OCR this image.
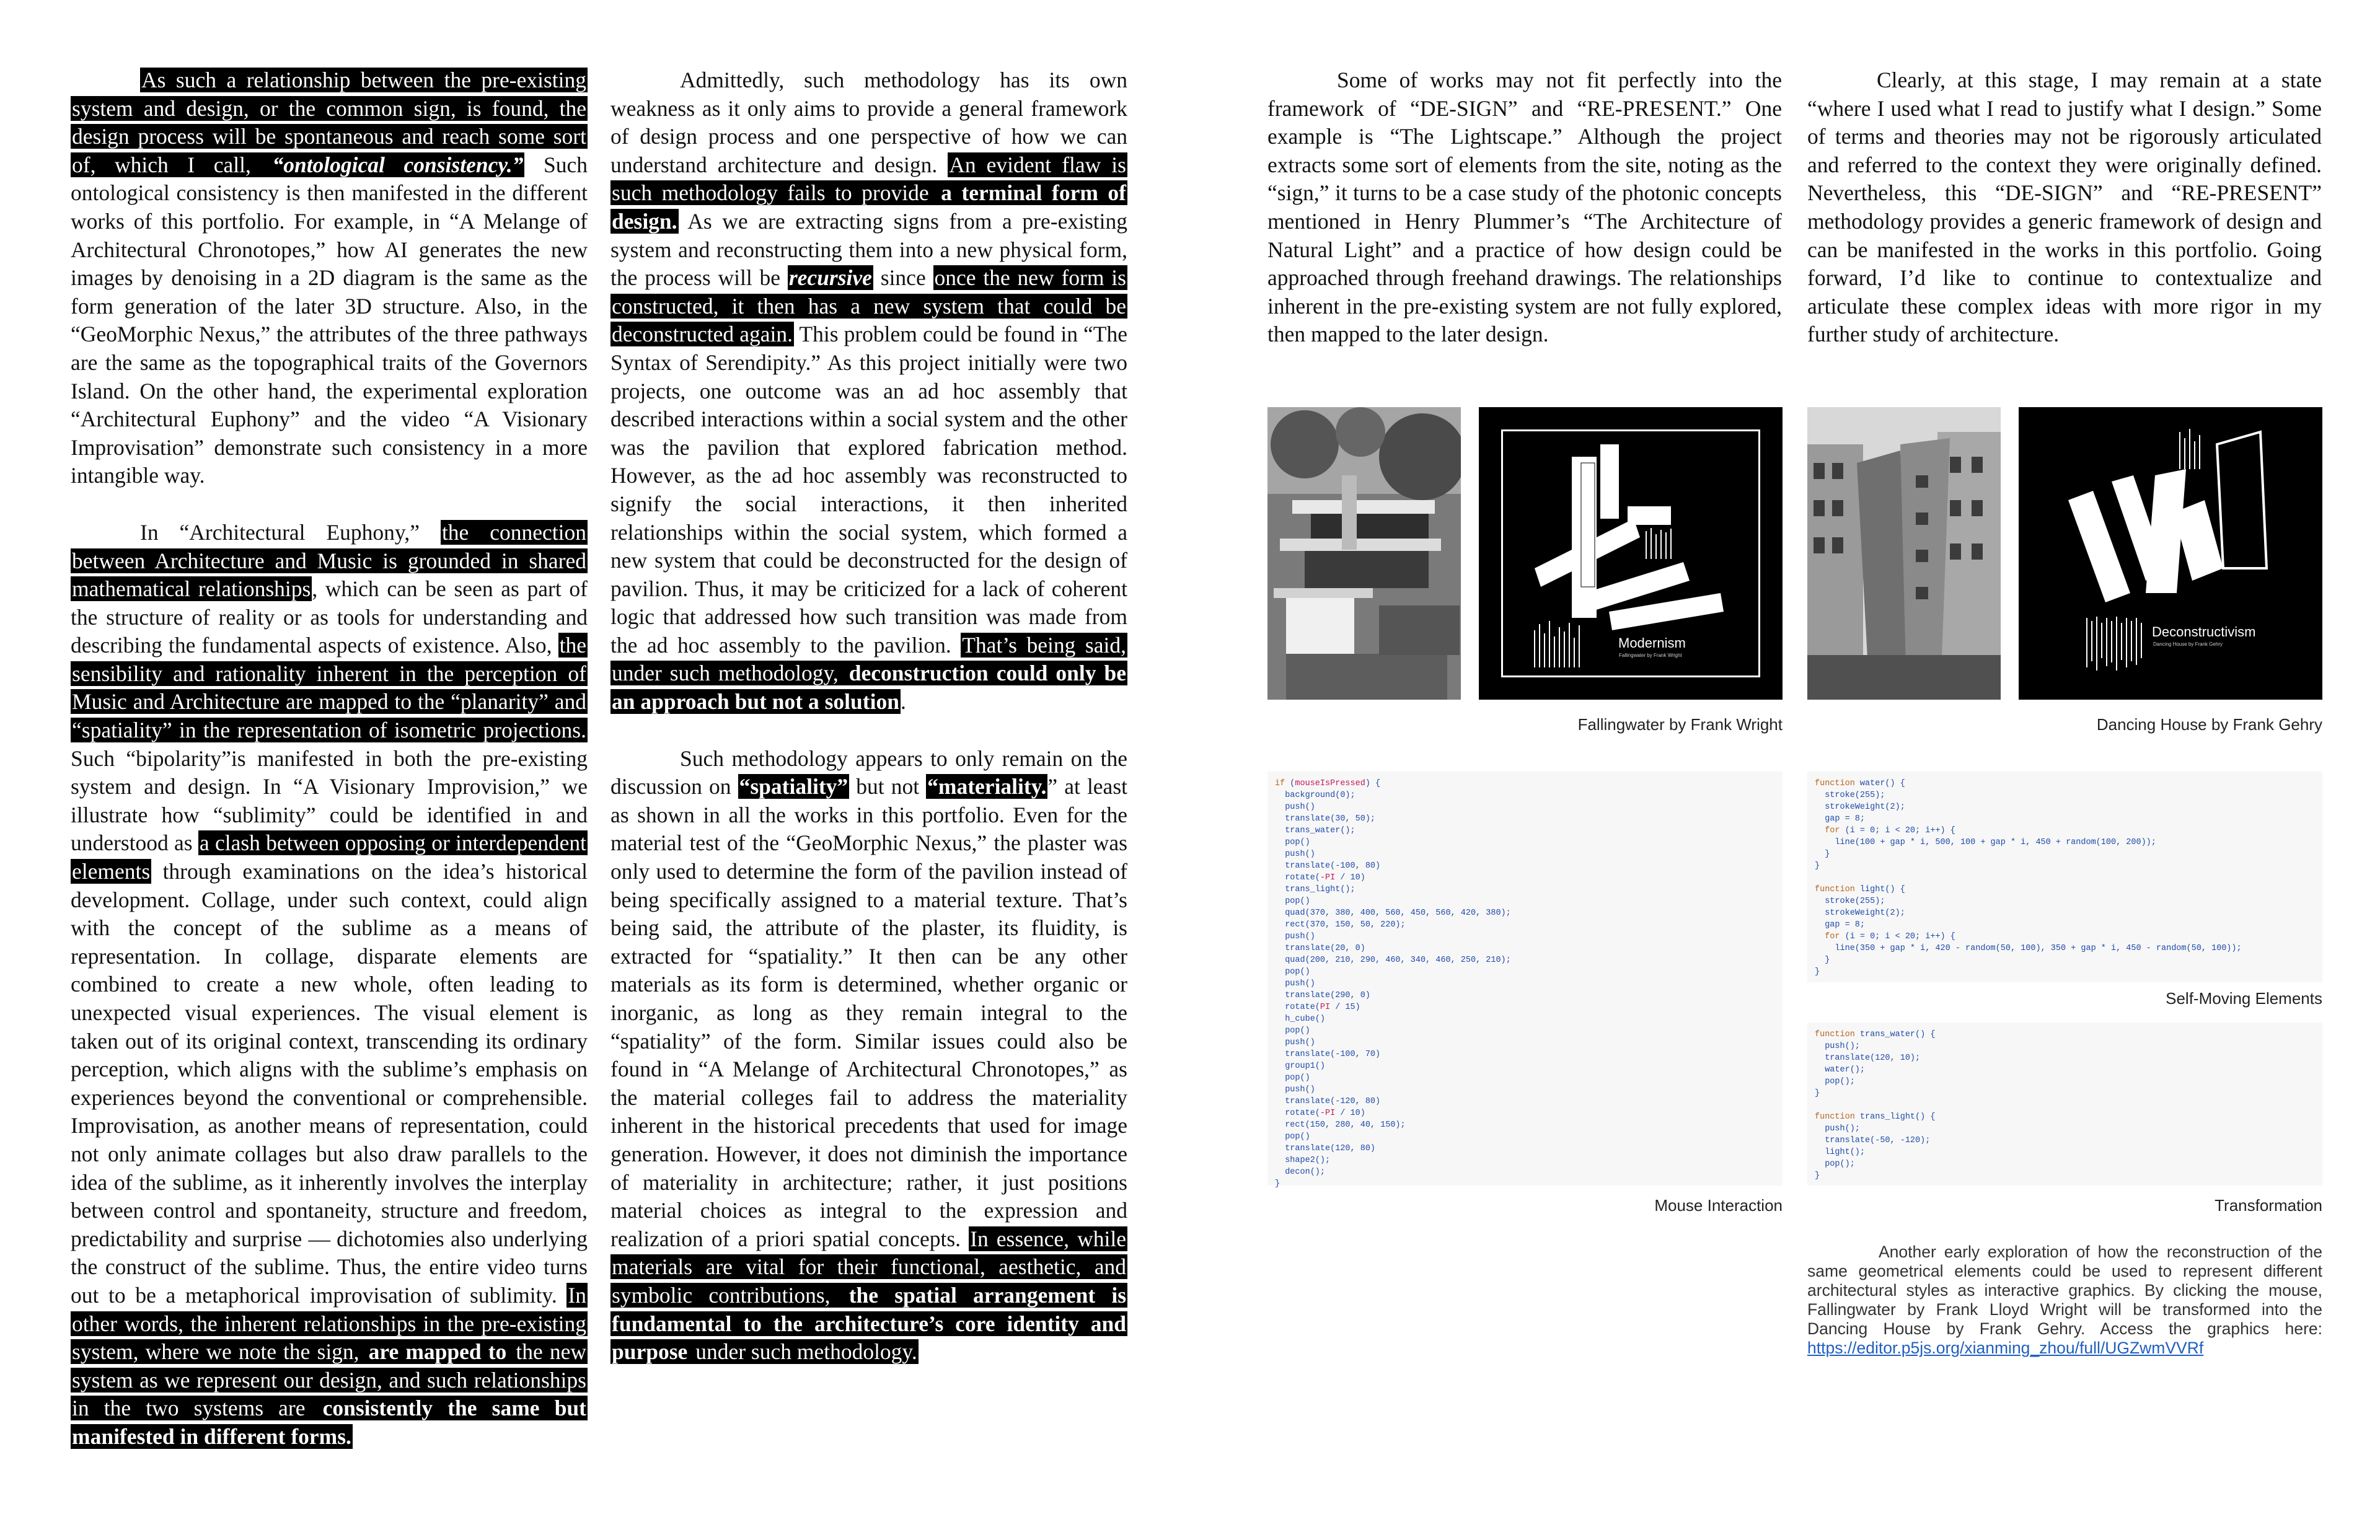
As such a relationship between the pre-existing system and design, or the common sign, is found, the design process will be spontaneous and reach some sort of, which I call, “ontological consistency.” Such ontological consistency is then manifested in the different works of this portfolio. For example, in “A Melange of Architectural Chronotopes,” how AI generates the new images by denoising in a 2D diagram is the same as the form generation of the later 3D structure. Also, in the “GeoMorphic Nexus,” the attributes of the three pathways are the same as the topographical traits of the Governors Island. On the other hand, the experimental exploration “Architectural Euphony” and the video “A Visionary Improvisation” demonstrate such consistency in a more intangible way.

In “Architectural Euphony,” the connection between Architecture and Music is grounded in shared mathematical relationships, which can be seen as part of the structure of reality or as tools for understanding and describing the fundamental aspects of existence. Also, the sensibility and rationality inherent in the perception of Music and Architecture are mapped to the “planarity” and “spatiality” in the representation of isometric projections. Such “bipolarity”is manifested in both the pre-existing system and design. In “A Visionary Improvision,” we illustrate how “sublimity” could be identified in and understood as a clash between opposing or interdependent elements through examinations on the idea’s historical development. Collage, under such context, could align with the concept of the sublime as a means of representation. In collage, disparate elements are combined to create a new whole, often leading to unexpected visual experiences. The visual element is taken out of its original context, transcending its ordinary perception, which aligns with the sublime’s emphasis on experiences beyond the conventional or comprehensible. Improvisation, as another means of representation, could not only animate collages but also draw parallels to the idea of the sublime, as it inherently involves the interplay between control and spontaneity, structure and freedom, predictability and surprise — dichotomies also underlying the construct of the sublime. Thus, the entire video turns out to be a metaphorical improvisation of sublimity. In other words, the inherent relationships in the pre-existing system, where we note the sign, are mapped to the new system as we represent our design, and such relationships in the two systems are consistently the same but manifested in different forms.

Admittedly, such methodology has its own weakness as it only aims to provide a general framework of design process and one perspective of how we can understand architecture and design. An evident flaw is such methodology fails to provide a terminal form of design. As we are extracting signs from a pre-existing system and reconstructing them into a new physical form, the process will be recursive since once the new form is constructed, it then has a new system that could be deconstructed again. This problem could be found in “The Syntax of Serendipity.” As this project initially were two projects, one outcome was an ad hoc assembly that described interactions within a social system and the other was the pavilion that explored fabrication method. However, as the ad hoc assembly was reconstructed to signify the social interactions, it then inherited relationships within the social system, which formed a new system that could be deconstructed for the design of pavilion. Thus, it may be criticized for a lack of coherent logic that addressed how such transition was made from the ad hoc assembly to the pavilion. That’s being said, under such methodology, deconstruction could only be an approach but not a solution.

Such methodology appears to only remain on the discussion on “spatiality” but not “materiality.” at least as shown in all the works in this portfolio. Even for the material test of the “GeoMorphic Nexus,” the plaster was only used to determine the form of the pavilion instead of being specifically assigned to a material texture. That’s being said, the attribute of the plaster, its fluidity, is extracted for “spatiality.” It then can be any other materials as its form is determined, whether organic or inorganic, as long as they remain integral to the “spatiality” of the form. Similar issues could also be found in “A Melange of Architectural Chronotopes,” as the material colleges fail to address the materiality inherent in the historical precedents that used for image generation. However, it does not diminish the importance of materiality in architecture; rather, it just positions material choices as integral to the expression and realization of a priori spatial concepts. In essence, while materials are vital for their functional, aesthetic, and symbolic contributions, the spatial arrangement is fundamental to the architecture’s core identity and purpose under such methodology.

Some of works may not fit perfectly into the framework of “DE-SIGN” and “RE-PRESENT.” One example is “The Lightscape.” Although the project extracts some sort of elements from the site, noting as the “sign,” it turns to be a case study of the photonic concepts mentioned in Henry Plummer’s “The Architecture of Natural Light” and a practice of how design could be approached through freehand drawings. The relationships inherent in the pre-existing system are not fully explored, then mapped to the later design.

Clearly, at this stage, I may remain at a state “where I used what I read to justify what I design.” Some of terms and theories may not be rigorously articulated and referred to the context they were originally defined. Nevertheless, this “DE-SIGN” and “RE-PRESENT” methodology provides a generic framework of design and can be manifested in the works in this portfolio. Going forward, I’d like to continue to contextualize and articulate these complex ideas with more rigor in my further study of architecture.

Modernism
Fallingwater by Frank Wright
Deconstructivism
Dancing House by Frank Gehry
Fallingwater by Frank Wright	Dancing House by Frank Gehry
if (mouseIsPressed) {
background(0);
push()
translate(30, 50);
trans_water();
pop()
push()
translate(-100, 80)
rotate(-PI / 10)
trans_light();
pop()
quad(370, 380, 400, 560, 450, 560, 420, 380);
rect(370, 150, 50, 220);
push()
translate(20, 0)
quad(200, 210, 290, 460, 340, 460, 250, 210);
pop()
push()
translate(290, 0)
rotate(PI / 15)
h_cube()
pop()
push()
translate(-100, 70)
group1()
pop()
push()
translate(-120, 80)
rotate(-PI / 10)
rect(150, 280, 40, 150);
pop()
translate(120, 80)
shape2();
decon();
}
Mouse Interaction
function water() {
stroke(255);
strokeWeight(2);
gap = 8;
for (i = 0; i < 20; i++) {
line(100 + gap * i, 500, 100 + gap * i, 450 + random(100, 200));
}
}

function light() {
stroke(255);
strokeWeight(2);
gap = 8;
for (i = 0; i < 20; i++) {
line(350 + gap * i, 420 - random(50, 100), 350 + gap * i, 450 - random(50, 100));
}
}
Self-Moving Elements
function trans_water() {
push();
translate(120, 10);
water();
pop();
}

function trans_light() {
push();
translate(-50, -120);
light();
pop();
}
Transformation

Another early exploration of how the reconstruction of the same geometrical elements could be used to represent different architectural styles as interactive graphics. By clicking the mouse, Fallingwater by Frank Lloyd Wright will be transformed into the Dancing House by Frank Gehry. Access the graphics here: https://editor.p5js.org/xianming_zhou/full/UGZwmVVRf
